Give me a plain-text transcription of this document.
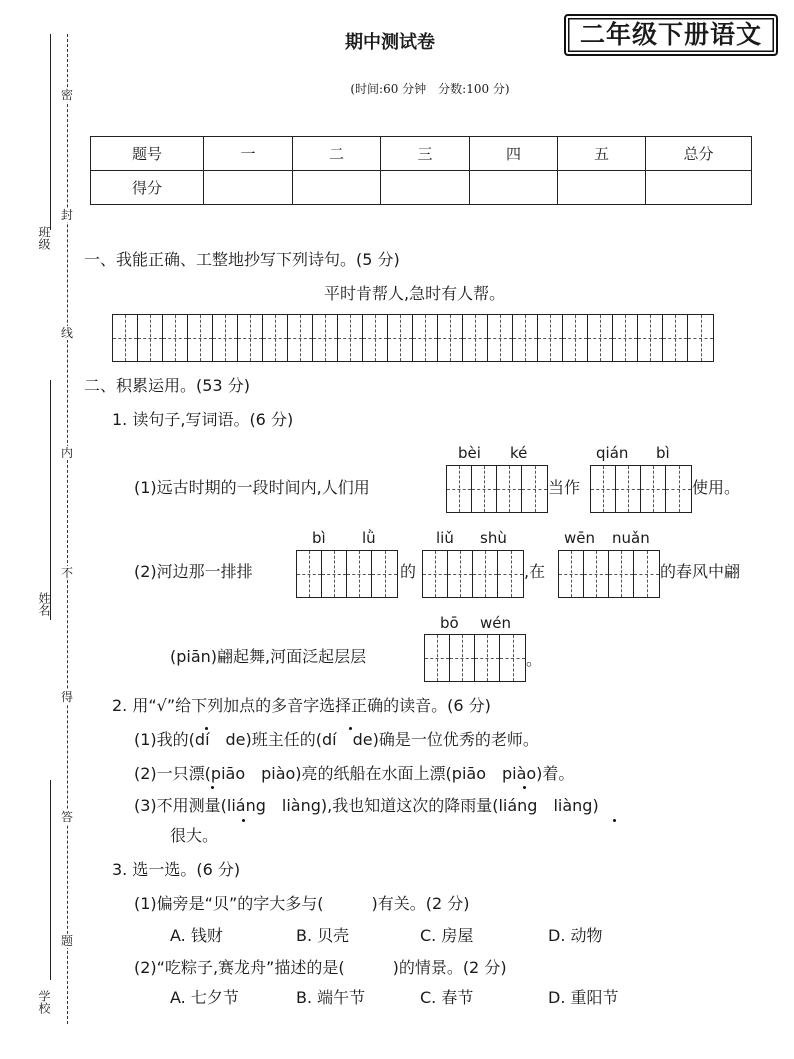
班级
姓名
学校
密
封
线
内
不
得
答
题
期中测试卷	二年级下册语文
(时间:60 分钟　分数:100 分)
题号	一	二	三	四	五	总分
得分						
一、我能正确、工整地抄写下列诗句。(5 分)
平时肯帮人,急时有人帮。
二、积累运用。(53 分)
1. 读句子,写词语。(6 分)
bèi ké	qián bì
(1)远古时期的一段时间内,人们用	当作	使用。
bì lǜ	liǔ shù	wēn nuǎn
(2)河边那一排排	的	,在	的春风中翩
bō wén
(piān)翩起舞,河面泛起层层	。
2. 用“√”给下列加点的多音字选择正确的读音。(6 分)
(1)我的(dí　de)班主任的(dí　de)确是一位优秀的老师。
(2)一只漂(piāo　piào)亮的纸船在水面上漂(piāo　piào)着。
(3)不用测量(liáng　liàng),我也知道这次的降雨量(liáng　liàng)
很大。
3. 选一选。(6 分)
(1)偏旁是“贝”的字大多与(　　　)有关。(2 分)
A. 钱财	B. 贝壳	C. 房屋	D. 动物
(2)“吃粽子,赛龙舟”描述的是(　　　)的情景。(2 分)
A. 七夕节	B. 端午节	C. 春节	D. 重阳节
